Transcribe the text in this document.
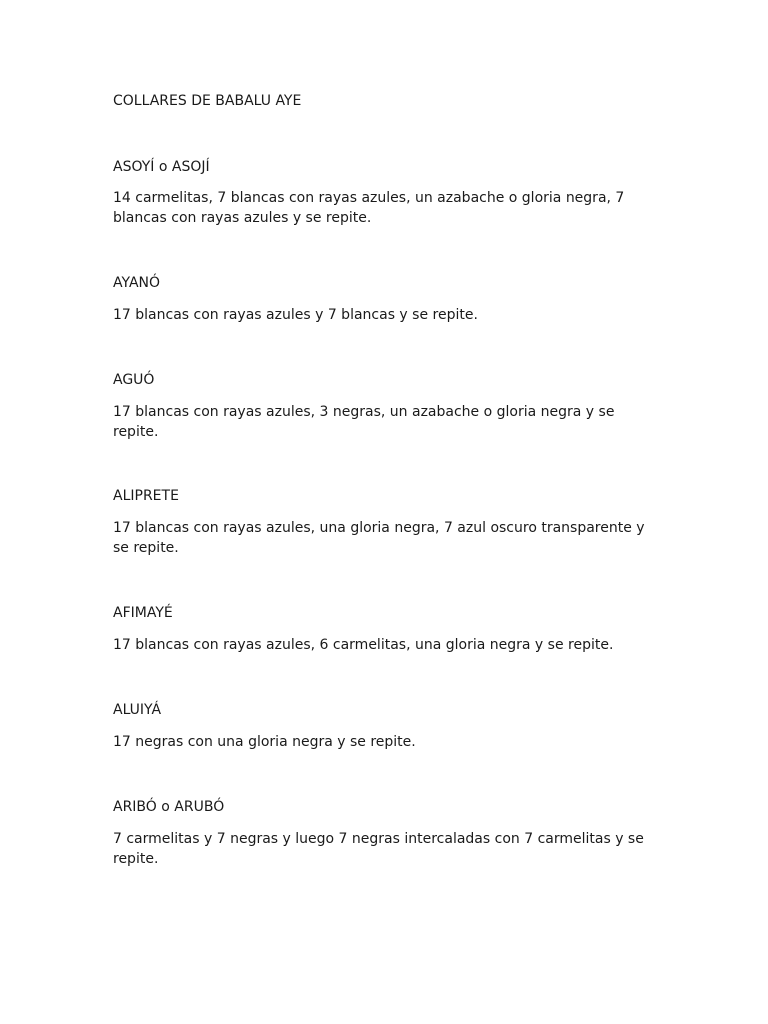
COLLARES DE BABALU AYE
ASOYÍ o ASOJÍ
14 carmelitas, 7 blancas con rayas azules, un azabache o gloria negra, 7 blancas con rayas azules y se repite.
AYANÓ
17 blancas con rayas azules y 7 blancas y se repite.
AGUÓ
17 blancas con rayas azules, 3 negras, un azabache o gloria negra y se repite.
ALIPRETE
17 blancas con rayas azules, una gloria negra, 7 azul oscuro transparente y se repite.
AFIMAYÉ
17 blancas con rayas azules, 6 carmelitas, una gloria negra y se repite.
ALUIYÁ
17 negras con una gloria negra y se repite.
ARIBÓ o ARUBÓ
7 carmelitas y 7 negras y luego 7 negras intercaladas con 7 carmelitas y se repite.
